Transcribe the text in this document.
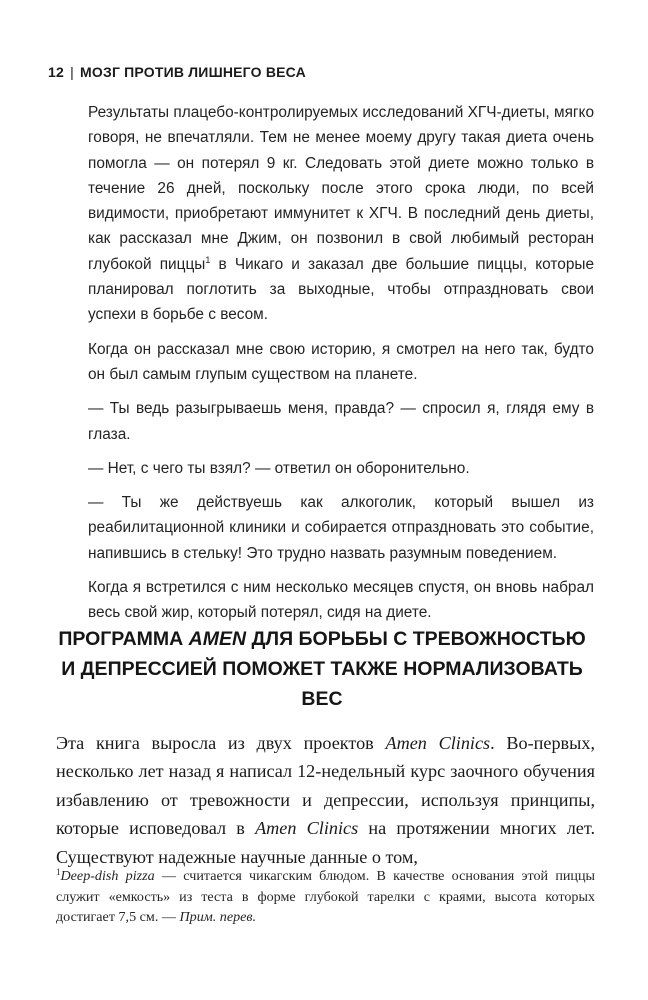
12 | МОЗГ ПРОТИВ ЛИШНЕГО ВЕСА

Результаты плацебо-контролируемых исследований ХГЧ-диеты, мягко говоря, не впечатляли. Тем не менее моему другу такая диета очень помогла — он потерял 9 кг. Следовать этой диете можно только в течение 26 дней, поскольку после этого срока люди, по всей видимости, приобретают иммунитет к ХГЧ. В последний день диеты, как рассказал мне Джим, он позвонил в свой любимый ресторан глубокой пиццы$^1$ в Чикаго и заказал две большие пиццы, которые планировал поглотить за выходные, чтобы отпраздновать свои успехи в борьбе с весом.

Когда он рассказал мне свою историю, я смотрел на него так, будто он был самым глупым существом на планете.

— Ты ведь разыгрываешь меня, правда? — спросил я, глядя ему в глаза.

— Нет, с чего ты взял? — ответил он оборонительно.

— Ты же действуешь как алкоголик, который вышел из реабилитационной клиники и собирается отпраздновать это событие, напившись в стельку! Это трудно назвать разумным поведением.

Когда я встретился с ним несколько месяцев спустя, он вновь набрал весь свой жир, который потерял, сидя на диете.

ПРОГРАММА AMEN ДЛЯ БОРЬБЫ С ТРЕВОЖНОСТЬЮ И ДЕПРЕССИЕЙ ПОМОЖЕТ ТАКЖЕ НОРМАЛИЗОВАТЬ ВЕС

Эта книга выросла из двух проектов Amen Clinics. Во-первых, несколько лет назад я написал 12-недельный курс заочного обучения избавлению от тревожности и депрессии, используя принципы, которые исповедовал в Amen Clinics на протяжении многих лет. Существуют надежные научные данные о том,

$^1$Deep-dish pizza — считается чикагским блюдом. В качестве основания этой пиццы служит «емкость» из теста в форме глубокой тарелки с краями, высота которых достигает 7,5 см. — Прим. перев.
